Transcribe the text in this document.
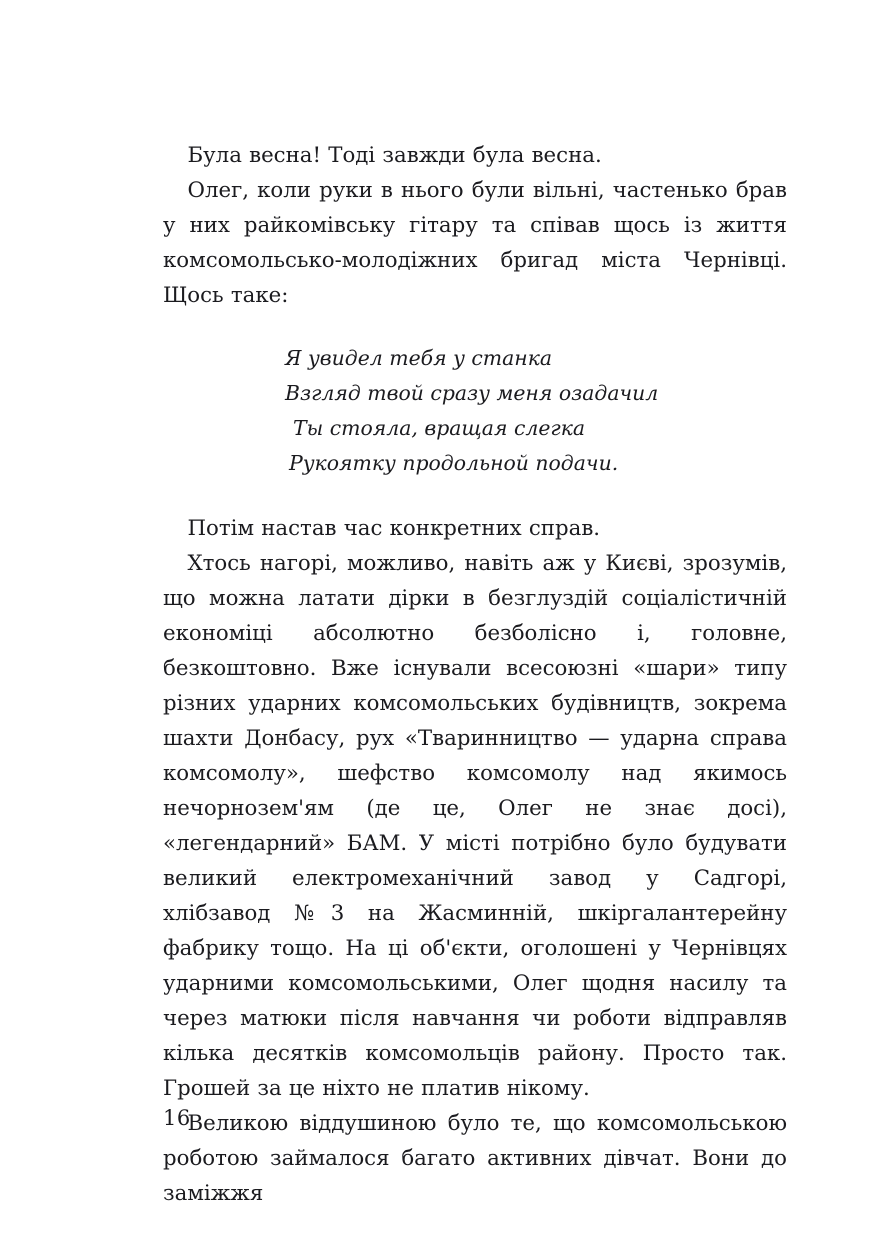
Була весна! Тоді завжди була весна.

Олег, коли руки в нього були вільні, частенько брав у них райкомівську гітару та співав щось із життя комсомольсько-молодіжних бригад міста Чернівці. Щось таке:

Я увидел тебя у станка
Взгляд твой сразу меня озадачил
Ты стояла, вращая слегка
Рукоятку продольной подачи.

Потім настав час конкретних справ.

Хтось нагорі, можливо, навіть аж у Києві, зрозумів, що можна латати дірки в безглуздій соціалістичній економіці абсолютно безболісно і, головне, безкоштовно. Вже існували всесоюзні «шари» типу різних ударних комсомольських будівництв, зокрема шахти Донбасу, рух «Тваринництво — ударна справа комсомолу», шефство комсомолу над якимось нечорнозем'ям (де це, Олег не знає досі), «легендарний» БАМ. У місті потрібно було будувати великий електромеханічний завод у Садгорі, хлібзавод №3 на Жасминній, шкіргалантерейну фабрику тощо. На ці об'єкти, оголошені у Чернівцях ударними комсомольськими, Олег щодня насилу та через матюки після навчання чи роботи відправляв кілька десятків комсомольців району. Просто так. Грошей за це ніхто не платив нікому.

Великою віддушиною було те, що комсомольською роботою займалося багато активних дівчат. Вони до заміжжя

16
